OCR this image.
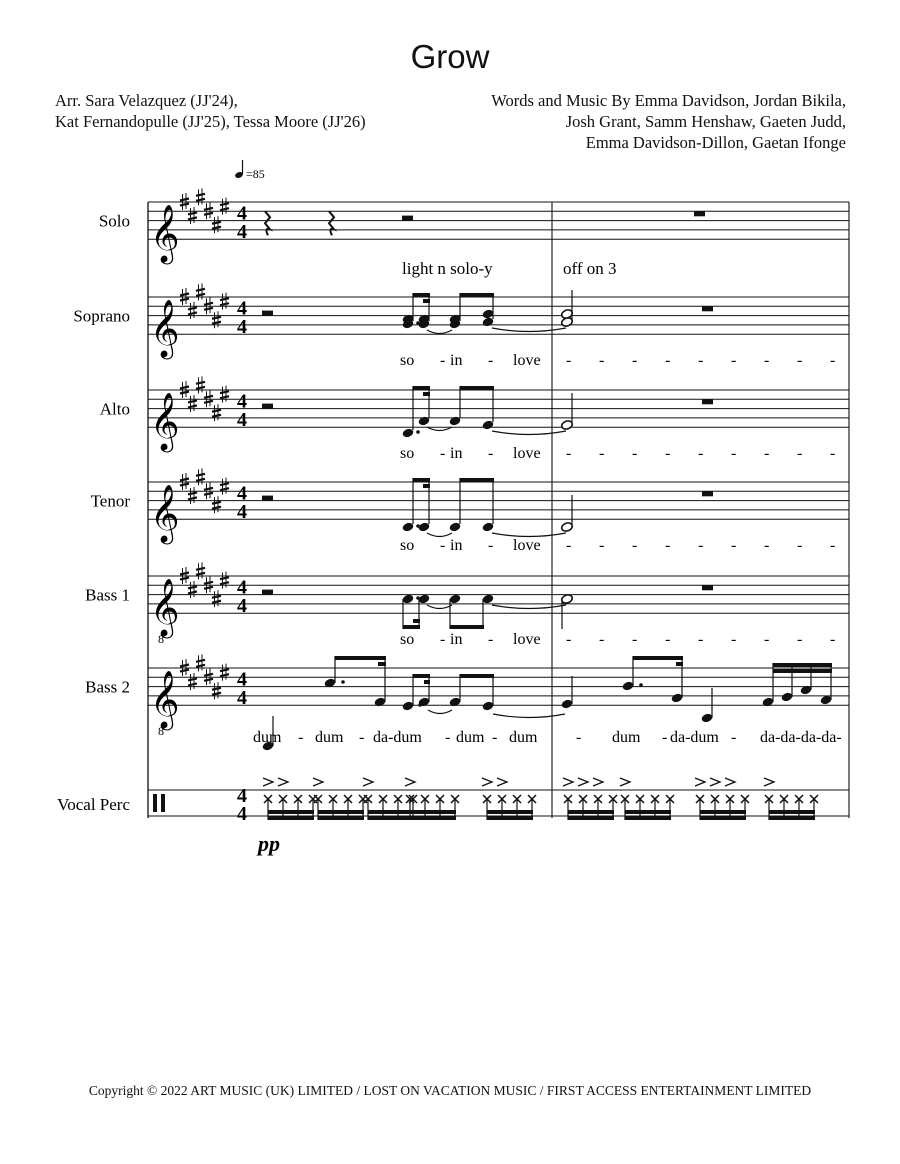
Grow
Arr. Sara Velazquez (JJ'24),
Kat Fernandopulle (JJ'25), Tessa Moore (JJ'26)
Words and Music By Emma Davidson, Jordan Bikila,
Josh Grant, Samm Henshaw, Gaeten Judd,
Emma Davidson-Dillon, Gaetan Ifonge
=85
Solo 𝄞	4
4
Soprano 𝄞	4
4
Alto 𝄞	4
4
Tenor 𝄞	4
4
Bass 1 𝄞
8
4
4
Bass 2 𝄞
8
4
4
Vocal Perc	4
4
so - in - love - - - - - - - - -
so - in - love - - - - - - - - -
so - in - love - - - - - - - - -
so - in - love - - - - - - - - -
dum - dum - da-dum - dum - dum - dum - da-dum - da-da-da-da-
light n solo-y	off on 3
pp
Copyright © 2022 ART MUSIC (UK) LIMITED / LOST ON VACATION MUSIC / FIRST ACCESS ENTERTAINMENT LIMITED
